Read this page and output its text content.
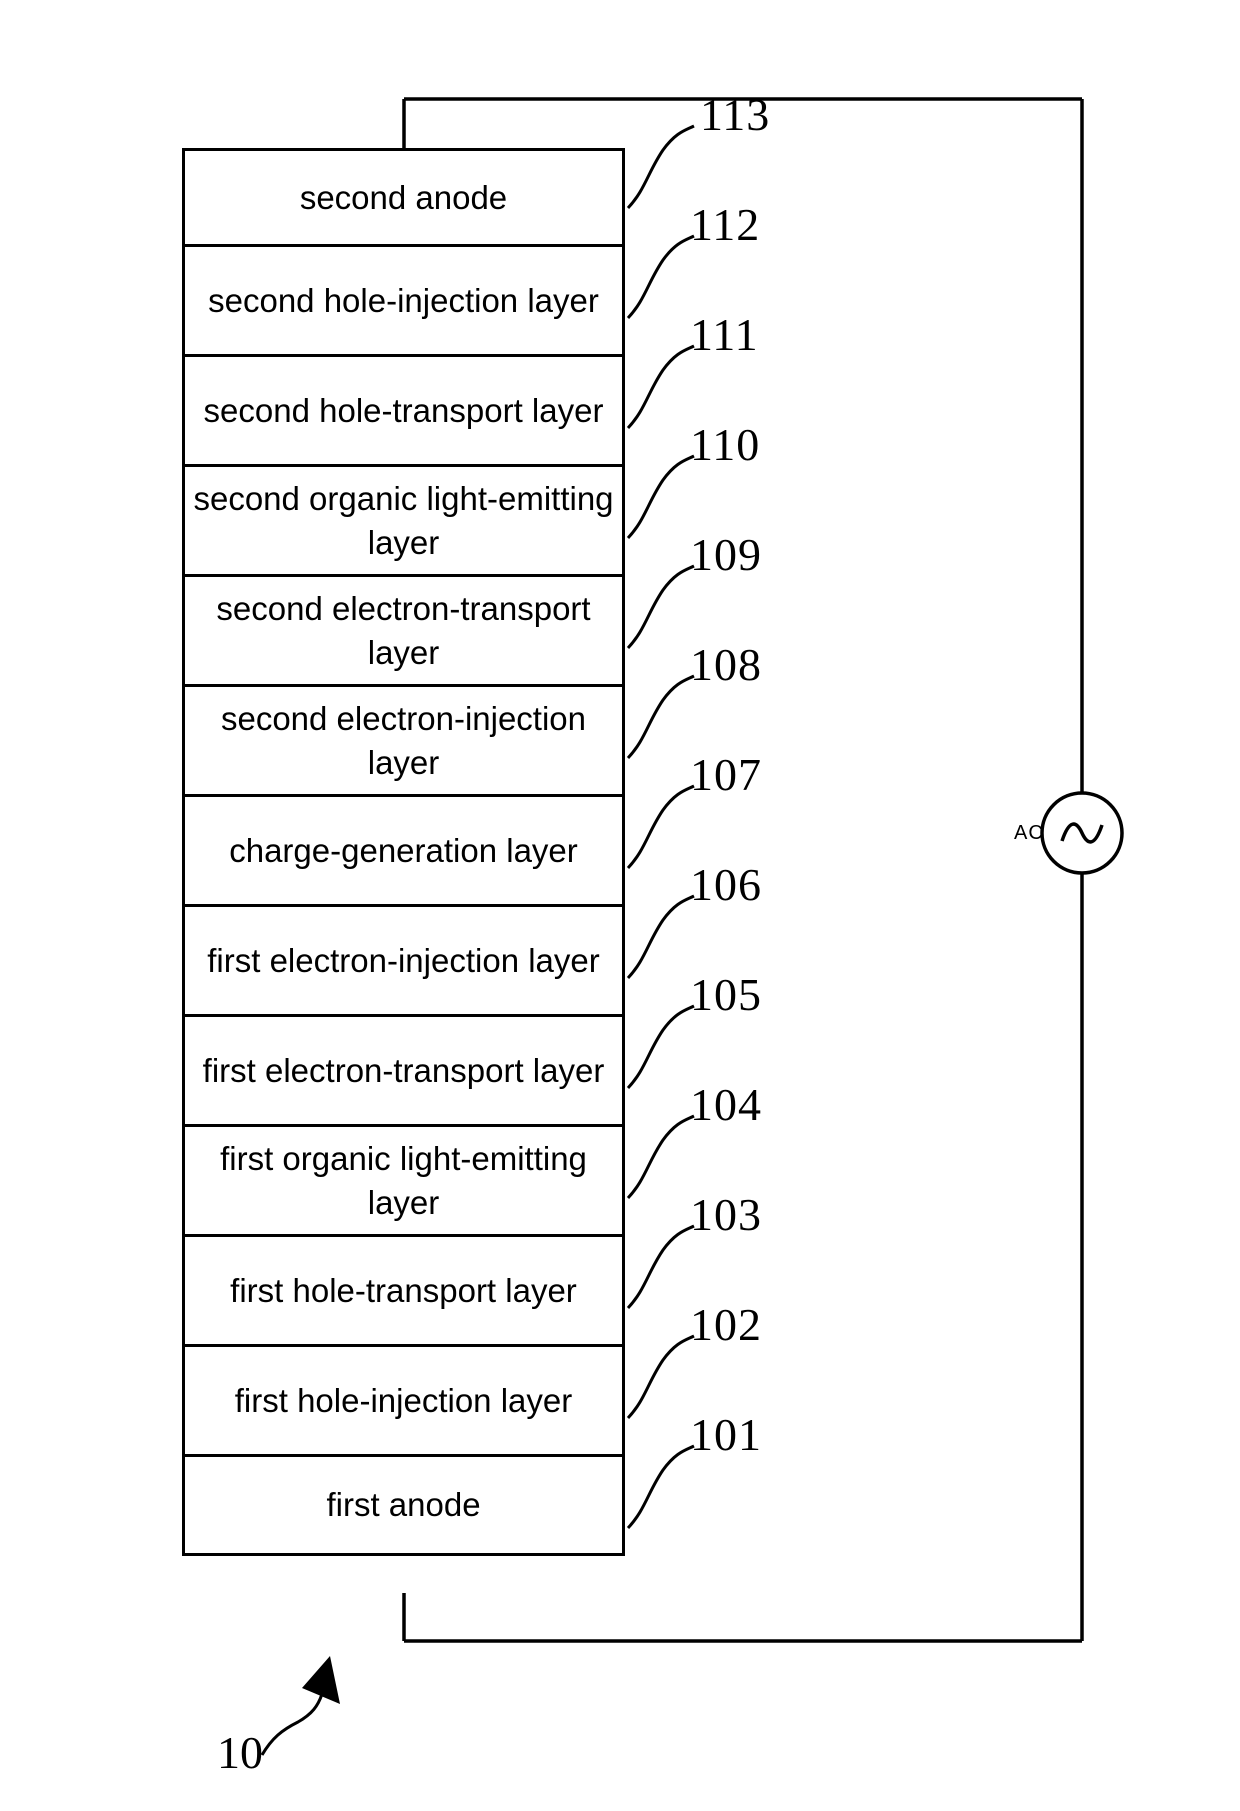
second anode
second hole-injection layer
second hole-transport layer
second organic light-emitting layer
second electron-transport layer
second electron-injection layer
charge-generation layer
first electron-injection layer
first electron-transport layer
first organic light-emitting layer
first hole-transport layer
first hole-injection layer
first anode
113
112
111
110
109
108
107
106
105
104
103
102
101
AC
10
